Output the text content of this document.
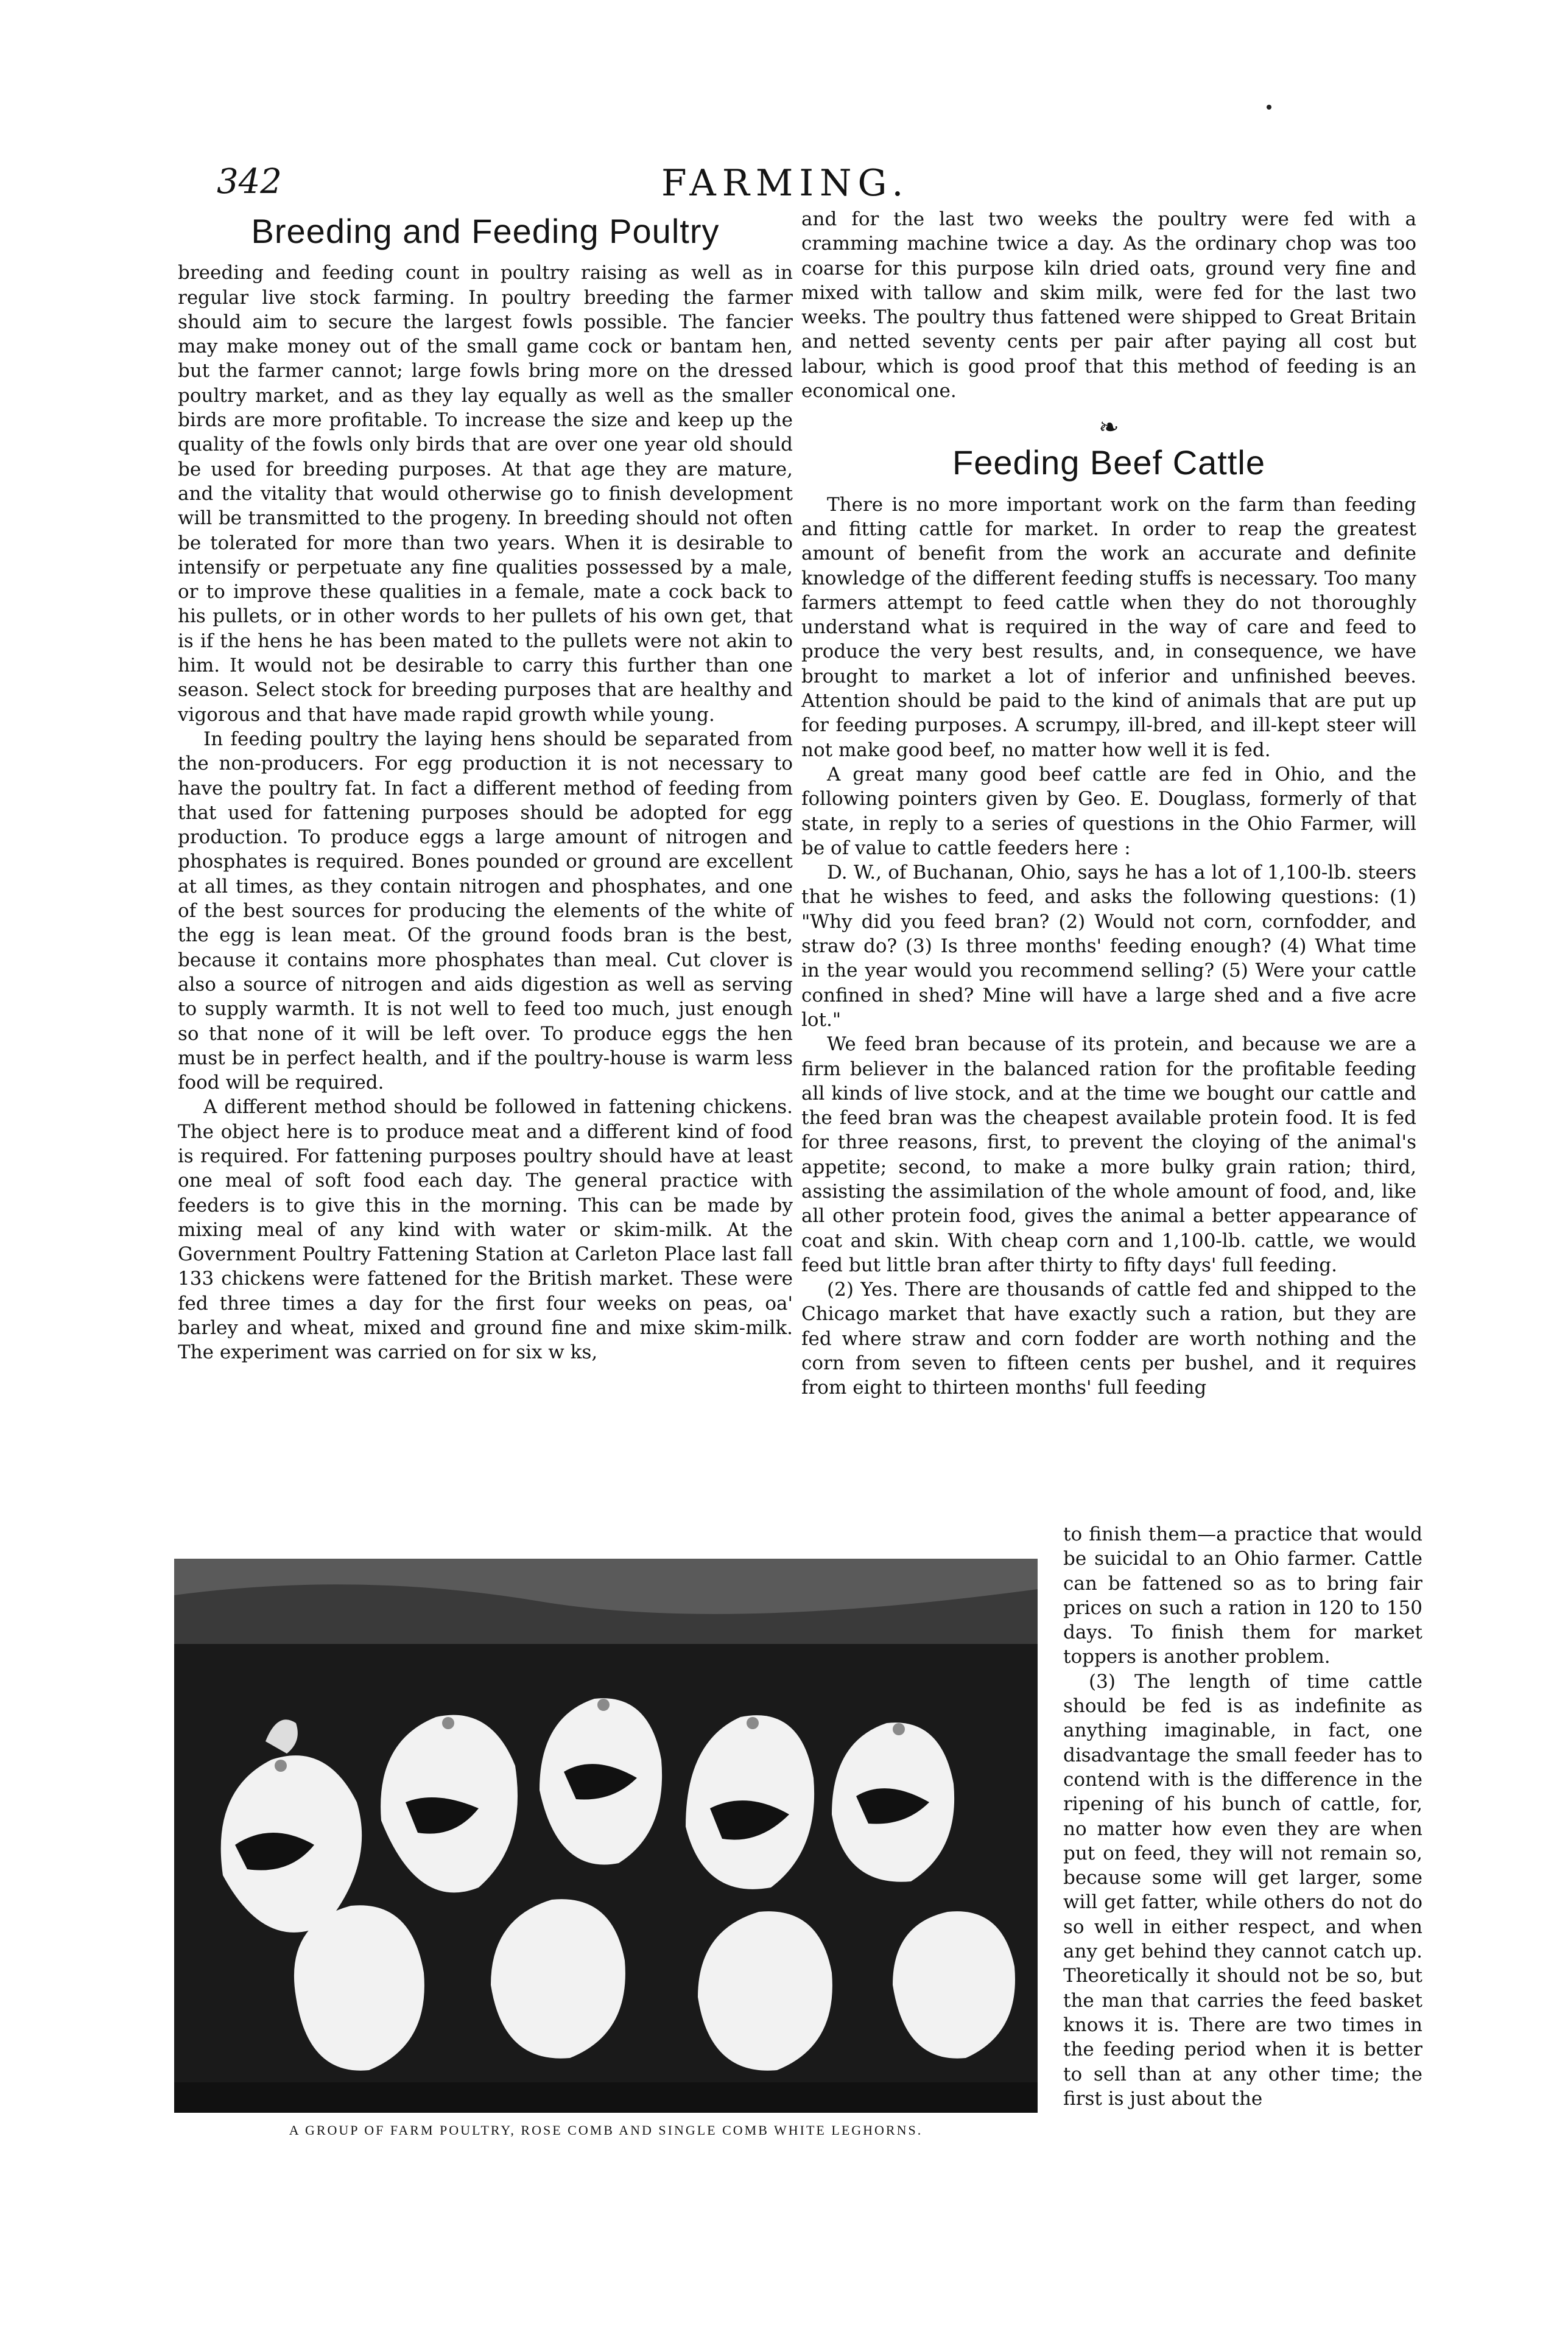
342	FARMING.
Breeding and Feeding Poultry

breeding and feeding count in poultry raising as well as in regular live stock farming. In poultry breeding the farmer should aim to secure the largest fowls possible. The fancier may make money out of the small game cock or bantam hen, but the farmer cannot; large fowls bring more on the dressed poultry market, and as they lay equally as well as the smaller birds are more profitable. To increase the size and keep up the quality of the fowls only birds that are over one year old should be used for breeding purposes. At that age they are mature, and the vitality that would otherwise go to finish development will be transmitted to the progeny. In breeding should not often be tolerated for more than two years. When it is desirable to intensify or perpetuate any fine qualities possessed by a male, or to improve these qualities in a female, mate a cock back to his pullets, or in other words to her pullets of his own get, that is if the hens he has been mated to the pullets were not akin to him. It would not be desirable to carry this further than one season. Select stock for breeding purposes that are healthy and vigorous and that have made rapid growth while young.

In feeding poultry the laying hens should be separated from the non-producers. For egg production it is not necessary to have the poultry fat. In fact a different method of feeding from that used for fattening purposes should be adopted for egg production. To produce eggs a large amount of nitrogen and phosphates is required. Bones pounded or ground are excellent at all times, as they contain nitrogen and phosphates, and one of the best sources for producing the elements of the white of the egg is lean meat. Of the ground foods bran is the best, because it contains more phosphates than meal. Cut clover is also a source of nitrogen and aids digestion as well as serving to supply warmth. It is not well to feed too much, just enough so that none of it will be left over. To produce eggs the hen must be in perfect health, and if the poultry-house is warm less food will be required.

A different method should be followed in fattening chickens. The object here is to produce meat and a different kind of food is required. For fattening purposes poultry should have at least one meal of soft food each day. The general practice with feeders is to give this in the morning. This can be made by mixing meal of any kind with water or skim-milk. At the Government Poultry Fattening Station at Carleton Place last fall 133 chickens were fattened for the British market. These were fed three times a day for the first four weeks on peas, oa' barley and wheat, mixed and ground fine and mixe skim-milk. The experiment was carried on for six w ks,

and for the last two weeks the poultry were fed with a cramming machine twice a day. As the ordinary chop was too coarse for this purpose kiln dried oats, ground very fine and mixed with tallow and skim milk, were fed for the last two weeks. The poultry thus fattened were shipped to Great Britain and netted seventy cents per pair after paying all cost but labour, which is good proof that this method of feeding is an economical one.

❧
Feeding Beef Cattle

There is no more important work on the farm than feeding and fitting cattle for market. In order to reap the greatest amount of benefit from the work an accurate and definite knowledge of the different feeding stuffs is necessary. Too many farmers attempt to feed cattle when they do not thoroughly understand what is required in the way of care and feed to produce the very best results, and, in consequence, we have brought to market a lot of inferior and unfinished beeves. Attention should be paid to the kind of animals that are put up for feeding purposes. A scrumpy, ill-bred, and ill-kept steer will not make good beef, no matter how well it is fed.

A great many good beef cattle are fed in Ohio, and the following pointers given by Geo. E. Douglass, formerly of that state, in reply to a series of questions in the Ohio Farmer, will be of value to cattle feeders here :

D. W., of Buchanan, Ohio, says he has a lot of 1,100-lb. steers that he wishes to feed, and asks the following questions: (1) "Why did you feed bran? (2) Would not corn, cornfodder, and straw do? (3) Is three months' feeding enough? (4) What time in the year would you recommend selling? (5) Were your cattle confined in shed? Mine will have a large shed and a five acre lot."

We feed bran because of its protein, and because we are a firm believer in the balanced ration for the profitable feeding all kinds of live stock, and at the time we bought our cattle and the feed bran was the cheapest available protein food. It is fed for three reasons, first, to prevent the cloying of the animal's appetite; second, to make a more bulky grain ration; third, assisting the assimilation of the whole amount of food, and, like all other protein food, gives the animal a better appearance of coat and skin. With cheap corn and 1,100-lb. cattle, we would feed but little bran after thirty to fifty days' full feeding.

(2) Yes. There are thousands of cattle fed and shipped to the Chicago market that have exactly such a ration, but they are fed where straw and corn fodder are worth nothing and the corn from seven to fifteen cents per bushel, and it requires from eight to thirteen months' full feeding

to finish them—a practice that would be suicidal to an Ohio farmer. Cattle can be fattened so as to bring fair prices on such a ration in 120 to 150 days. To finish them for market toppers is another problem.

(3) The length of time cattle should be fed is as indefinite as anything imaginable, in fact, one disadvantage the small feeder has to contend with is the difference in the ripening of his bunch of cattle, for, no matter how even they are when put on feed, they will not remain so, because some will get larger, some will get fatter, while others do not do so well in either respect, and when any get behind they cannot catch up. Theoretically it should not be so, but the man that carries the feed basket knows it is. There are two times in the feeding period when it is better to sell than at any other time; the first is just about the

A GROUP OF FARM POULTRY, ROSE COMB AND SINGLE COMB WHITE LEGHORNS.
